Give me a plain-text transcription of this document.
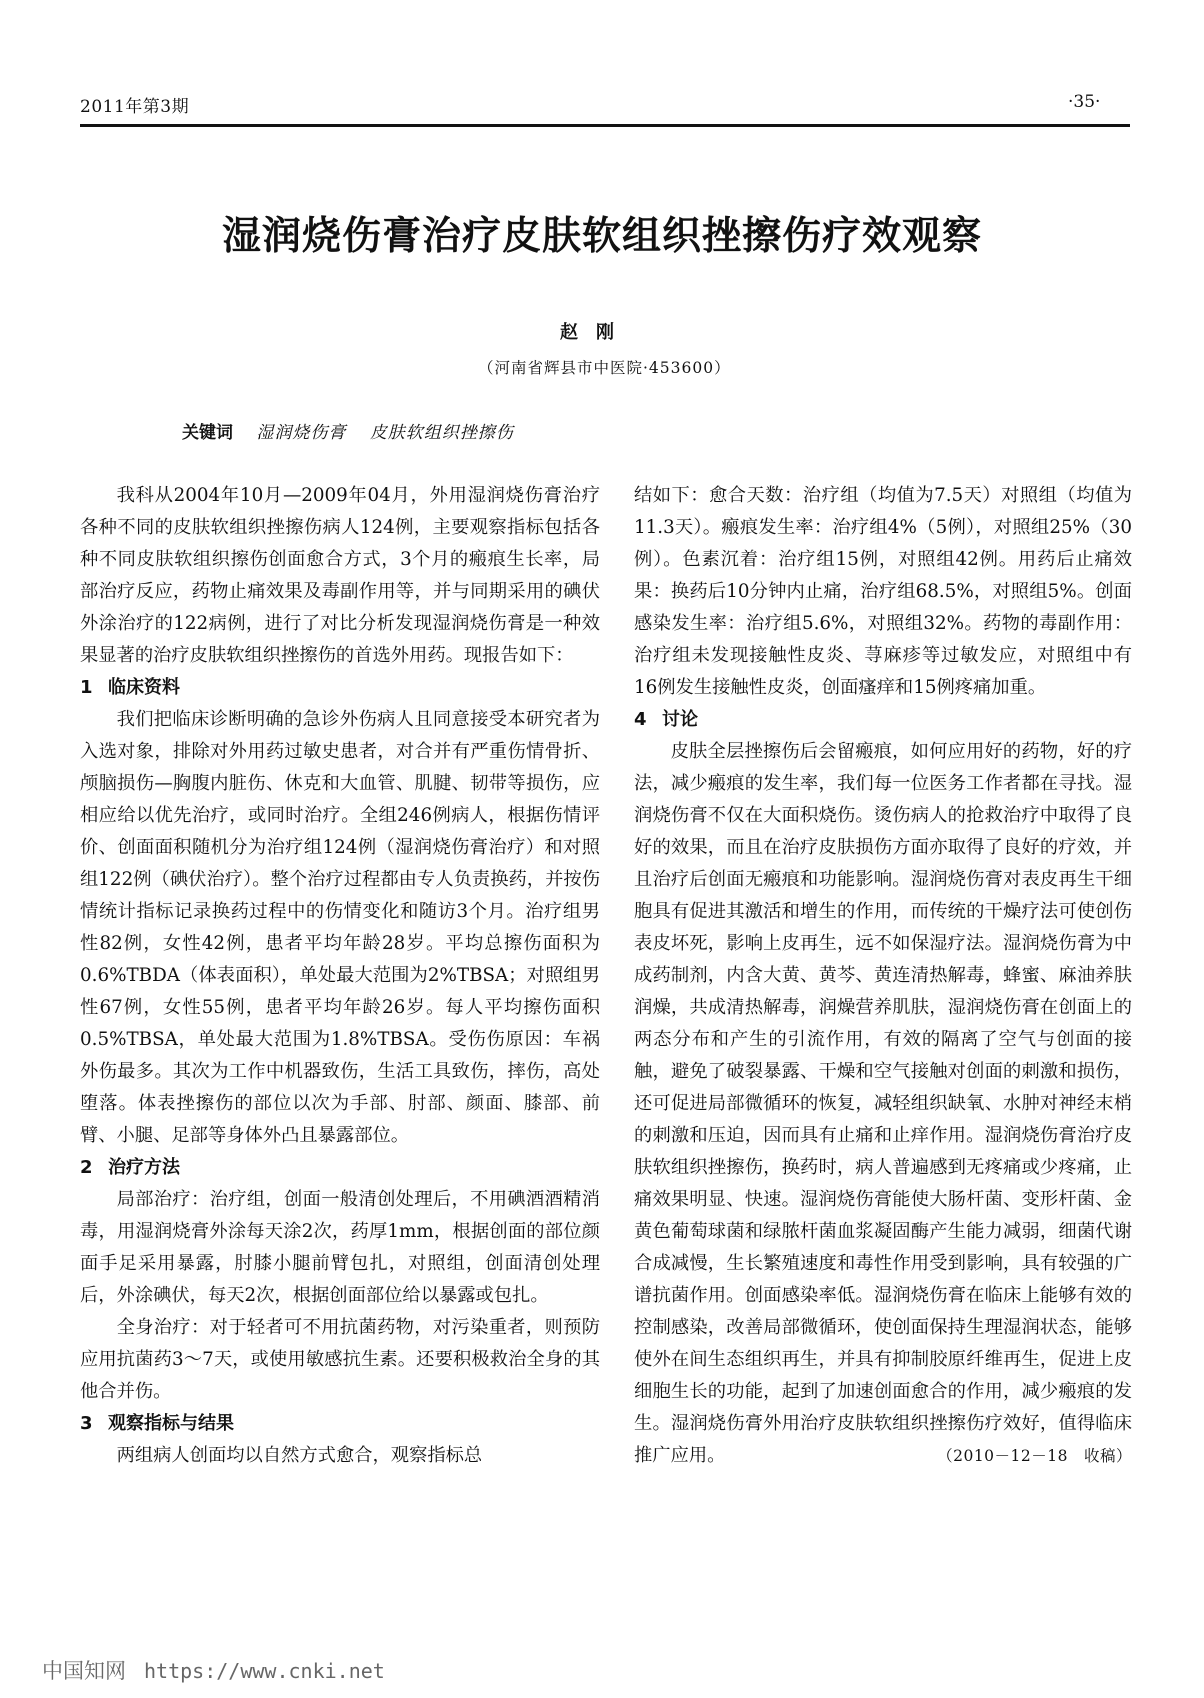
2011年第3期	·35·
湿润烧伤膏治疗皮肤软组织挫擦伤疗效观察
赵刚
（河南省辉县市中医院·453600）
关键词 湿润烧伤膏 皮肤软组织挫擦伤

我科从2004年10月—2009年04月，外用湿润烧伤膏治疗各种不同的皮肤软组织挫擦伤病人124例，主要观察指标包括各种不同皮肤软组织擦伤创面愈合方式，3个月的瘢痕生长率，局部治疗反应，药物止痛效果及毒副作用等，并与同期采用的碘伏外涂治疗的122病例，进行了对比分析发现湿润烧伤膏是一种效果显著的治疗皮肤软组织挫擦伤的首选外用药。现报告如下：

1 临床资料

我们把临床诊断明确的急诊外伤病人且同意接受本研究者为入选对象，排除对外用药过敏史患者，对合并有严重伤情骨折、颅脑损伤—胸腹内脏伤、休克和大血管、肌腱、韧带等损伤，应相应给以优先治疗，或同时治疗。全组246例病人，根据伤情评价、创面面积随机分为治疗组124例（湿润烧伤膏治疗）和对照组122例（碘伏治疗）。整个治疗过程都由专人负责换药，并按伤情统计指标记录换药过程中的伤情变化和随访3个月。治疗组男性82例，女性42例，患者平均年龄28岁。平均总擦伤面积为0.6%TBDA（体表面积），单处最大范围为2%TBSA；对照组男性67例，女性55例，患者平均年龄26岁。每人平均擦伤面积0.5%TBSA，单处最大范围为1.8%TBSA。受伤伤原因：车祸外伤最多。其次为工作中机器致伤，生活工具致伤，摔伤，高处堕落。体表挫擦伤的部位以次为手部、肘部、颜面、膝部、前臂、小腿、足部等身体外凸且暴露部位。

2 治疗方法

局部治疗：治疗组，创面一般清创处理后，不用碘酒酒精消毒，用湿润烧膏外涂每天涂2次，药厚1mm，根据创面的部位颜面手足采用暴露，肘膝小腿前臂包扎，对照组，创面清创处理后，外涂碘伏，每天2次，根据创面部位给以暴露或包扎。

全身治疗：对于轻者可不用抗菌药物，对污染重者，则预防应用抗菌药3～7天，或使用敏感抗生素。还要积极救治全身的其他合并伤。

3 观察指标与结果

两组病人创面均以自然方式愈合，观察指标总

结如下：愈合天数：治疗组（均值为7.5天）对照组（均值为11.3天）。瘢痕发生率：治疗组4%（5例），对照组25%（30例）。色素沉着：治疗组15例，对照组42例。用药后止痛效果：换药后10分钟内止痛，治疗组68.5%，对照组5%。创面感染发生率：治疗组5.6%，对照组32%。药物的毒副作用：治疗组未发现接触性皮炎、荨麻疹等过敏发应，对照组中有16例发生接触性皮炎，创面瘙痒和15例疼痛加重。

4 讨论

皮肤全层挫擦伤后会留瘢痕，如何应用好的药物，好的疗法，减少瘢痕的发生率，我们每一位医务工作者都在寻找。湿润烧伤膏不仅在大面积烧伤。烫伤病人的抢救治疗中取得了良好的效果，而且在治疗皮肤损伤方面亦取得了良好的疗效，并且治疗后创面无瘢痕和功能影响。湿润烧伤膏对表皮再生干细胞具有促进其激活和增生的作用，而传统的干燥疗法可使创伤表皮坏死，影响上皮再生，远不如保湿疗法。湿润烧伤膏为中成药制剂，内含大黄、黄芩、黄连清热解毒，蜂蜜、麻油养肤润燥，共成清热解毒，润燥营养肌肤，湿润烧伤膏在创面上的两态分布和产生的引流作用，有效的隔离了空气与创面的接触，避免了破裂暴露、干燥和空气接触对创面的刺激和损伤，还可促进局部微循环的恢复，减轻组织缺氧、水肿对神经末梢的刺激和压迫，因而具有止痛和止痒作用。湿润烧伤膏治疗皮肤软组织挫擦伤，换药时，病人普遍感到无疼痛或少疼痛，止痛效果明显、快速。湿润烧伤膏能使大肠杆菌、变形杆菌、金黄色葡萄球菌和绿脓杆菌血浆凝固酶产生能力减弱，细菌代谢合成减慢，生长繁殖速度和毒性作用受到影响，具有较强的广谱抗菌作用。创面感染率低。湿润烧伤膏在临床上能够有效的控制感染，改善局部微循环，使创面保持生理湿润状态，能够使外在间生态组织再生，并具有抑制胶原纤维再生，促进上皮细胞生长的功能，起到了加速创面愈合的作用，减少瘢痕的发生。湿润烧伤膏外用治疗皮肤软组织挫擦伤疗效好，值得临床推广应用。	（2010－12－18　收稿）
中国知网 https://www.cnki.net
